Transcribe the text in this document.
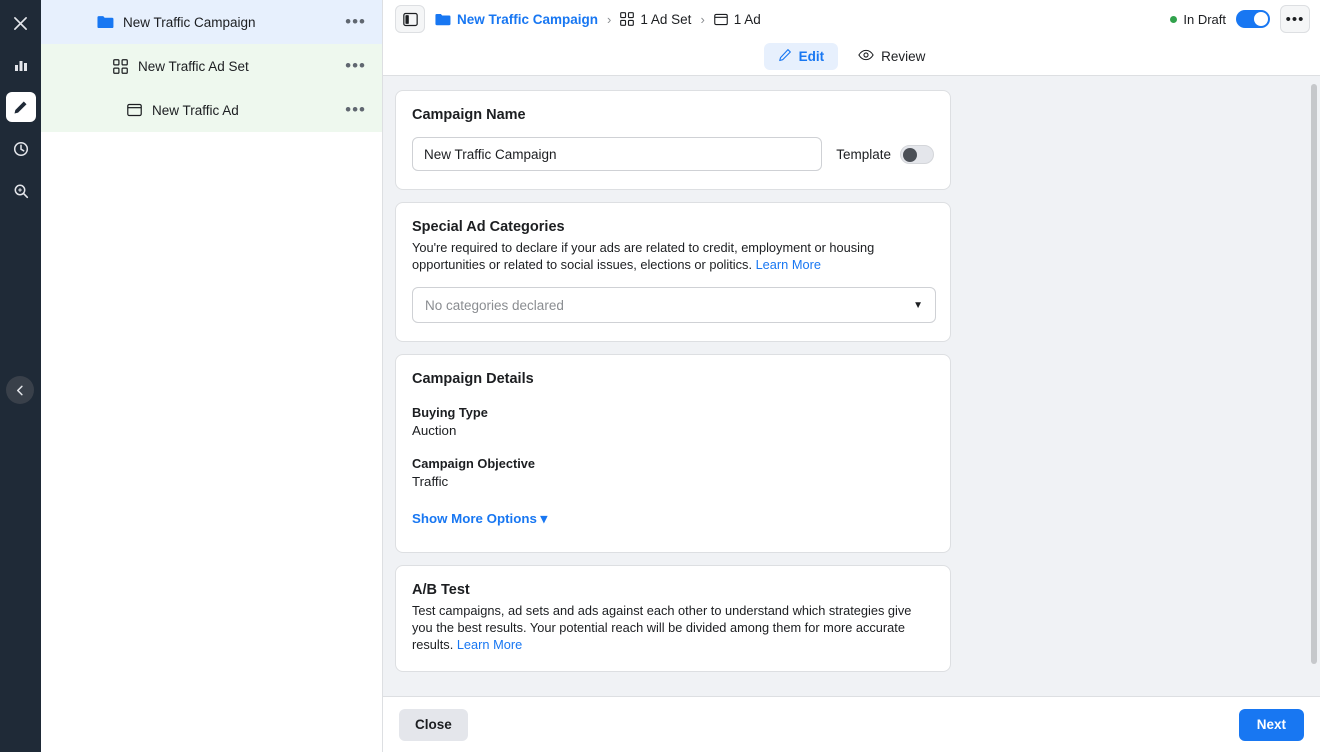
New Traffic Campaign	•••
New Traffic Ad Set	•••
New Traffic Ad	•••
New Traffic Campaign › 1 Ad Set › 1 Ad	In Draft	•••
Edit	Review
Campaign Name
New Traffic Campaign
Template
Special Ad Categories

You're required to declare if your ads are related to credit, employment or housing opportunities or related to social issues, elections or politics. Learn More

No categories declared	▼
Campaign Details
Buying Type
Auction
Campaign Objective
Traffic
Show More Options ▾
A/B Test

Test campaigns, ad sets and ads against each other to understand which strategies give you the best results. Your potential reach will be divided among them for more accurate results. Learn More

Close	Next
